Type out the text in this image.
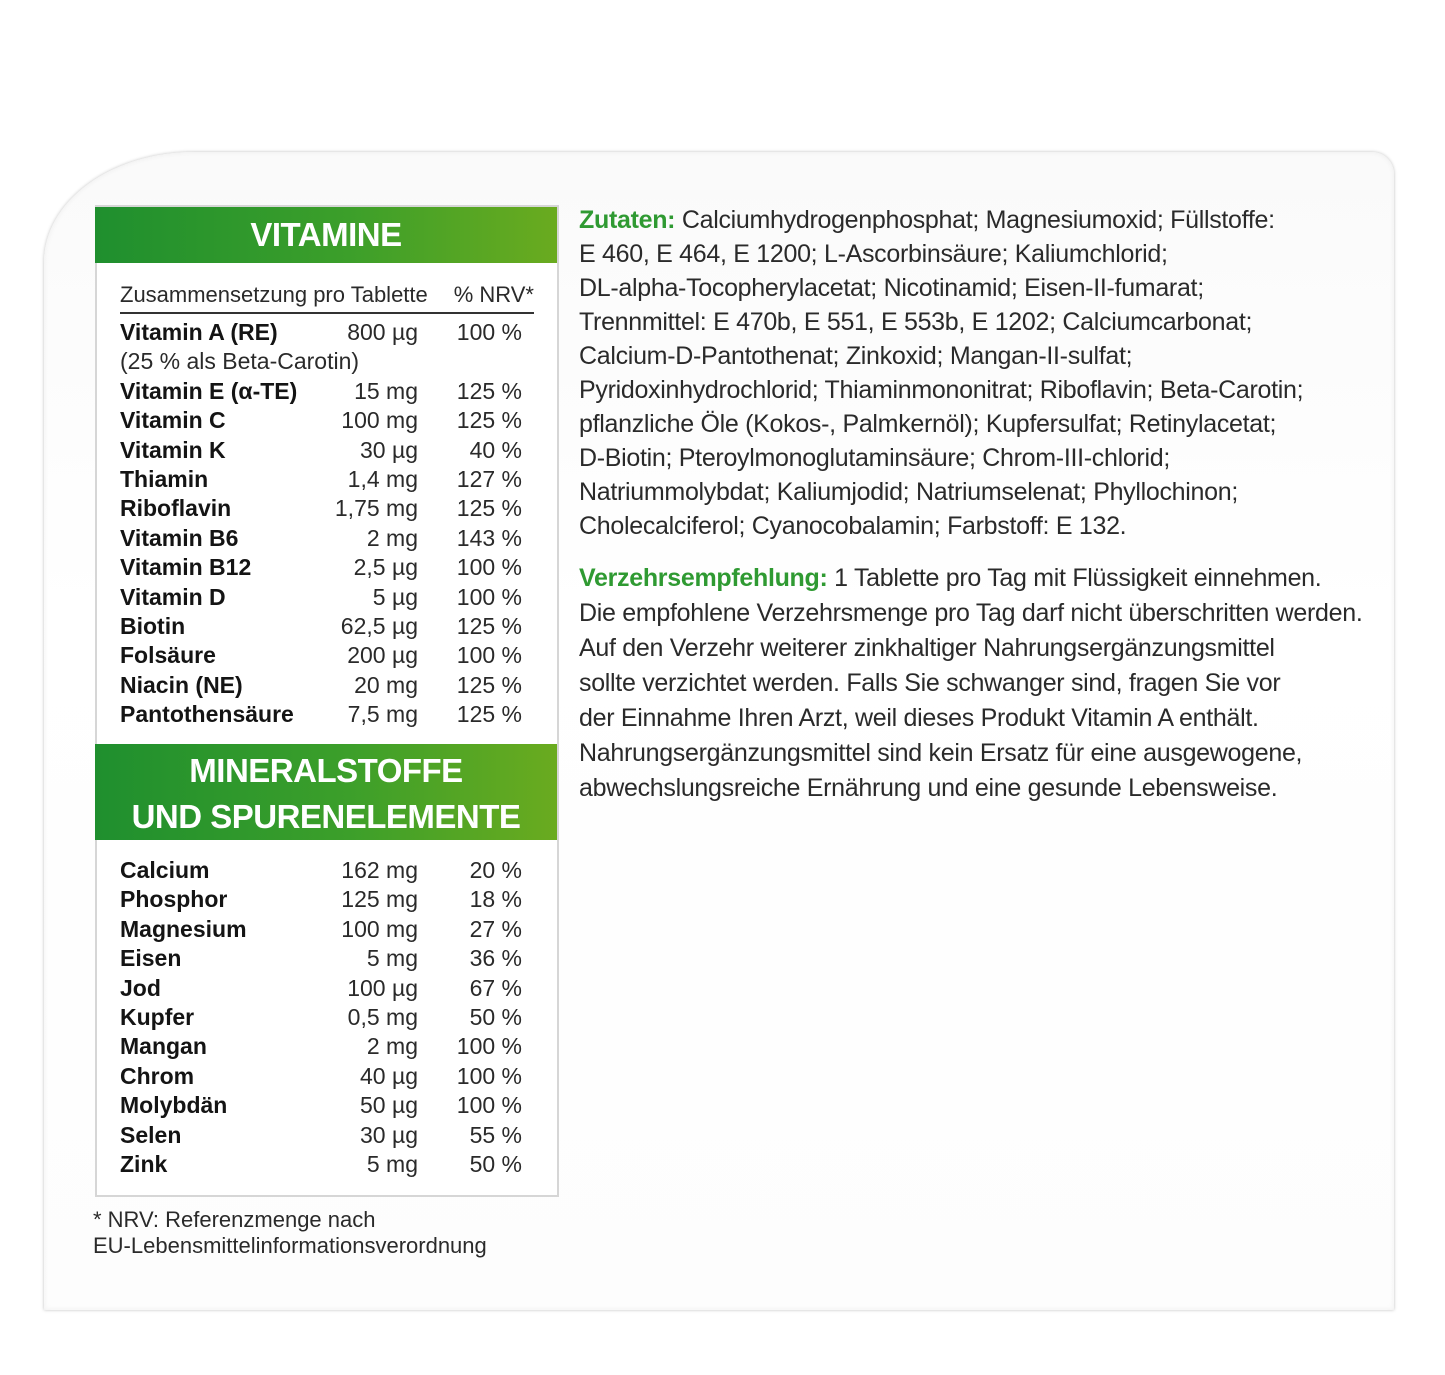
VITAMINE
Zusammensetzung pro Tablette % NRV*
Vitamin A (RE)	800 µg 100 %
(25 % als Beta-Carotin)
Vitamin E (α-TE) 15 mg 125 %
Vitamin C	100 mg 125 %
Vitamin K	30 µg 40 %
Thiamin	1,4 mg 127 %
Riboflavin	1,75 mg 125 %
Vitamin B6	2 mg 143 %
Vitamin B12	2,5 µg 100 %
Vitamin D	5 µg 100 %
Biotin	62,5 µg 125 %
Folsäure	200 µg 100 %
Niacin (NE)	20 mg 125 %
Pantothensäure 7,5 mg 125 %
MINERALSTOFFE
UND SPURENELEMENTE
Calcium	162 mg 20 %
Phosphor	125 mg 18 %
Magnesium	100 mg 27 %
Eisen	5 mg 36 %
Jod	100 µg 67 %
Kupfer	0,5 mg 50 %
Mangan	2 mg 100 %
Chrom	40 µg 100 %
Molybdän	50 µg 100 %
Selen	30 µg 55 %
Zink	5 mg 50 %
* NRV: Referenzmenge nach
EU-Lebensmittelinformationsverordnung

Zutaten: Calciumhydrogenphosphat; Magnesiumoxid; Füllstoffe:
E 460, E 464, E 1200; L-Ascorbinsäure; Kaliumchlorid;
DL-alpha-Tocopherylacetat; Nicotinamid; Eisen-II-fumarat;
Trennmittel: E 470b, E 551, E 553b, E 1202; Calciumcarbonat;
Calcium-D-Pantothenat; Zinkoxid; Mangan-II-sulfat;
Pyridoxinhydrochlorid; Thiaminmononitrat; Riboflavin; Beta-Carotin;
pflanzliche Öle (Kokos-, Palmkernöl); Kupfersulfat; Retinylacetat;
D-Biotin; Pteroylmonoglutaminsäure; Chrom-III-chlorid;
Natriummolybdat; Kaliumjodid; Natriumselenat; Phyllochinon;
Cholecalciferol; Cyanocobalamin; Farbstoff: E 132.

Verzehrsempfehlung: 1 Tablette pro Tag mit Flüssigkeit einnehmen.
Die empfohlene Verzehrsmenge pro Tag darf nicht überschritten werden.
Auf den Verzehr weiterer zinkhaltiger Nahrungsergänzungsmittel
sollte verzichtet werden. Falls Sie schwanger sind, fragen Sie vor
der Einnahme Ihren Arzt, weil dieses Produkt Vitamin A enthält.
Nahrungsergänzungsmittel sind kein Ersatz für eine ausgewogene,
abwechslungsreiche Ernährung und eine gesunde Lebensweise.
